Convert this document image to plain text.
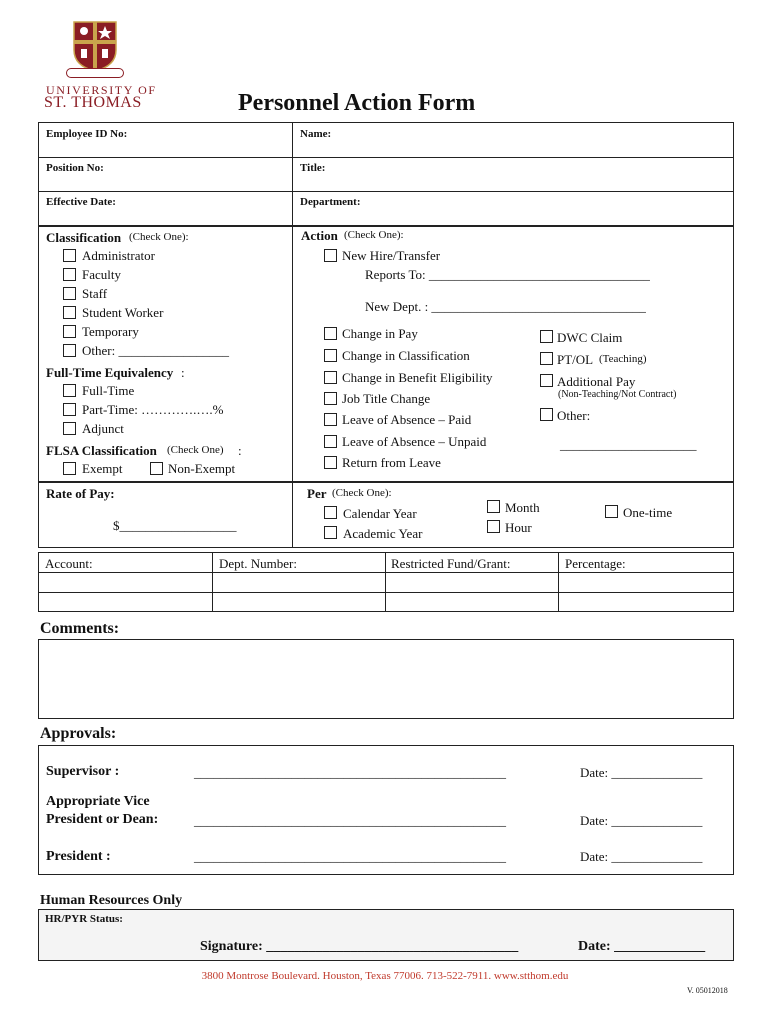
UNIVERSITY OF
ST. THOMAS	Personnel Action Form
Employee ID No:	Name:
Position No:	Title:
Effective Date:	Department:
Classification (Check One):
Administrator
Faculty
Staff
Student Worker
Temporary
Other: _________________
Full-Time Equivalency :
Full-Time
Part-Time: ………….….%
Adjunct
FLSA Classification (Check One) :
Exempt	Non-Exempt
Action (Check One):
New Hire/Transfer
Reports To: __________________________________
New Dept. : _________________________________
Change in Pay
Change in Classification
Change in Benefit Eligibility
Job Title Change
Leave of Absence – Paid
Leave of Absence – Unpaid
Return from Leave
DWC Claim
PT/OL (Teaching)
Additional Pay
(Non-Teaching/Not Contract)
Other:
_____________________
Rate of Pay:
$__________________
Per (Check One):
Calendar Year
Academic Year
Month
Hour
One-time
Account:	Dept. Number:	Restricted Fund/Grant:	Percentage:
Comments:
Approvals:
Supervisor :	________________________________________________	Date: ______________
Appropriate Vice
President or Dean:	________________________________________________	Date: ______________
President :	________________________________________________	Date: ______________
Human Resources Only
HR/PYR Status:
Signature: ____________________________________	Date: _____________
3800 Montrose Boulevard. Houston, Texas 77006. 713-522-7911. www.stthom.edu
V. 05012018
